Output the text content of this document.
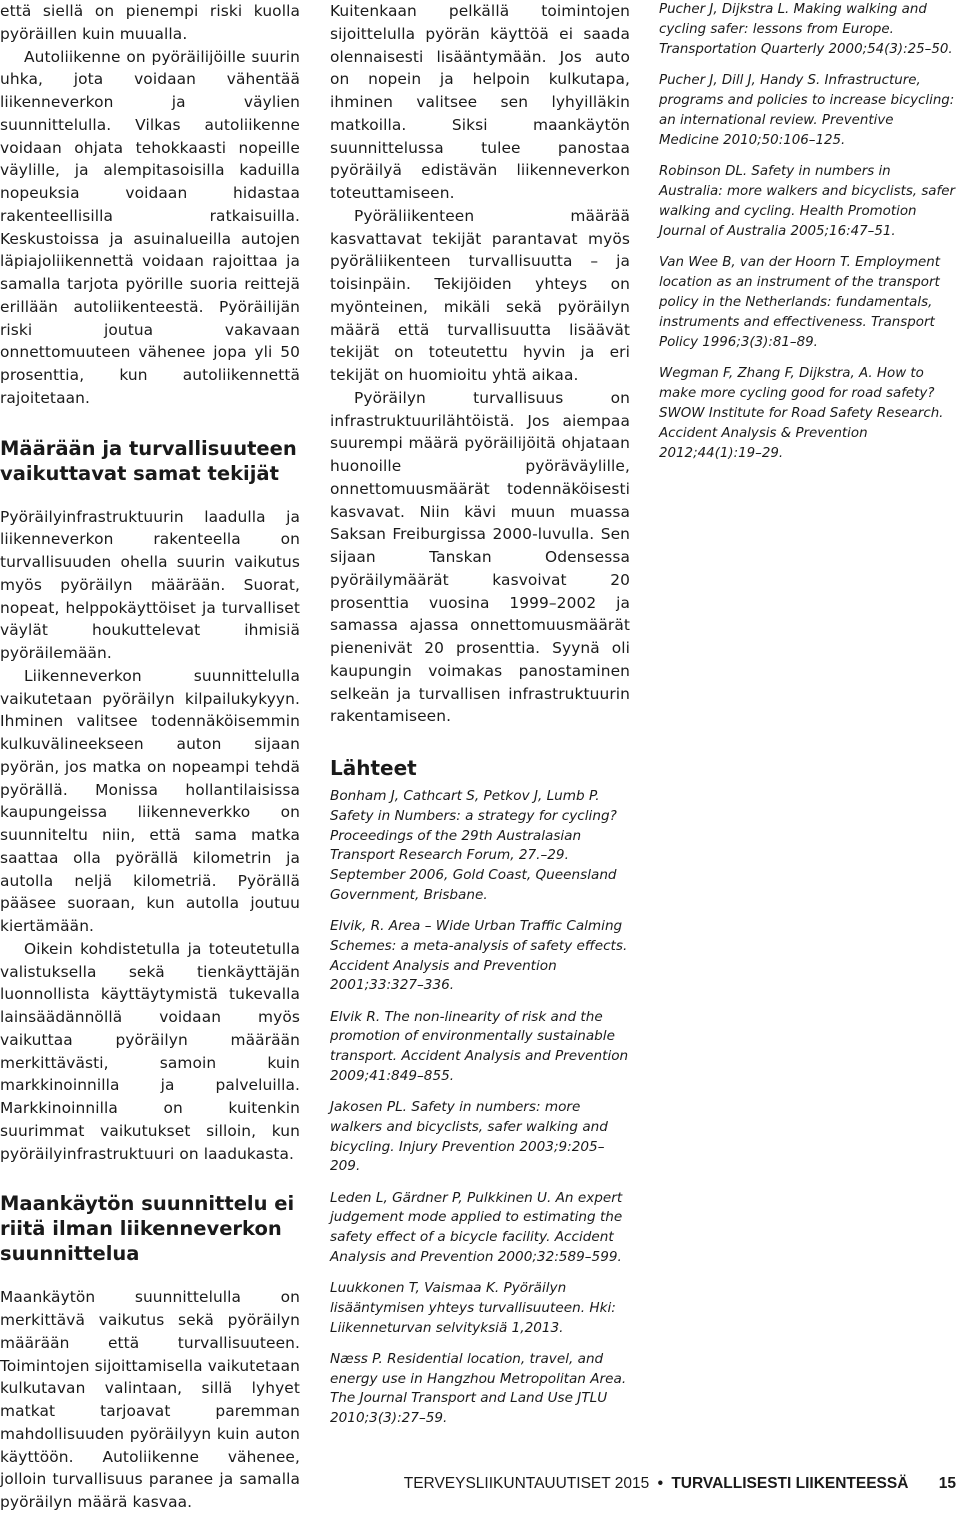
että siellä on pienempi riski kuolla pyöräillen kuin muualla.

Autoliikenne on pyöräilijöille suurin uhka, jota voidaan vähentää liikenneverkon ja väylien suunnittelulla. Vilkas autoliikenne voidaan ohjata tehokkaasti nopeille väylille, ja alempitasoisilla kaduilla nopeuksia voidaan hidastaa rakenteellisilla ratkaisuilla. Keskustoissa ja asuinalueilla autojen läpiajoliikennettä voidaan rajoittaa ja samalla tarjota pyörille suoria reittejä erillään autoliikenteestä. Pyöräilijän riski joutua vakavaan onnettomuuteen vähenee jopa yli 50 prosenttia, kun autoliikennettä rajoitetaan.

Määrään ja turvallisuuteen vaikuttavat samat tekijät

Pyöräilyinfrastruktuurin laadulla ja liikenneverkon rakenteella on turvallisuuden ohella suurin vaikutus myös pyöräilyn määrään. Suorat, nopeat, helppokäyttöiset ja turvalliset väylät houkuttelevat ihmisiä pyöräilemään.

Liikenneverkon suunnittelulla vaikutetaan pyöräilyn kilpailukykyyn. Ihminen valitsee todennäköisemmin kulkuvälineekseen auton sijaan pyörän, jos matka on nopeampi tehdä pyörällä. Monissa hollantilaisissa kaupungeissa liikenneverkko on suunniteltu niin, että sama matka saattaa olla pyörällä kilometrin ja autolla neljä kilometriä. Pyörällä pääsee suoraan, kun autolla joutuu kiertämään.

Oikein kohdistetulla ja toteutetulla valistuksella sekä tienkäyttäjän luonnollista käyttäytymistä tukevalla lainsäädännöllä voidaan myös vaikuttaa pyöräilyn määrään merkittävästi, samoin kuin markkinoinnilla ja palveluilla. Markkinoinnilla on kuitenkin suurimmat vaikutukset silloin, kun pyöräilyinfrastruktuuri on laadukasta.

Maankäytön suunnittelu ei riitä ilman liikenneverkon suunnittelua

Maankäytön suunnittelulla on merkittävä vaikutus sekä pyöräilyn määrään että turvallisuuteen. Toimintojen sijoittamisella vaikutetaan kulkutavan valintaan, sillä lyhyet matkat tarjoavat paremman mahdollisuuden pyöräilyyn kuin auton käyttöön. Autoliikenne vähenee, jolloin turvallisuus paranee ja samalla pyöräilyn määrä kasvaa.

Kuitenkaan pelkällä toimintojen sijoittelulla pyörän käyttöä ei saada olennaisesti lisääntymään. Jos auto on nopein ja helpoin kulkutapa, ihminen valitsee sen lyhyilläkin matkoilla. Siksi maankäytön suunnittelussa tulee panostaa pyöräilyä edistävän liikenneverkon toteuttamiseen.

Pyöräliikenteen määrää kasvattavat tekijät parantavat myös pyöräliikenteen turvallisuutta – ja toisinpäin. Tekijöiden yhteys on myönteinen, mikäli sekä pyöräilyn määrä että turvallisuutta lisäävät tekijät on toteutettu hyvin ja eri tekijät on huomioitu yhtä aikaa.

Pyöräilyn turvallisuus on infrastruktuurilähtöistä. Jos aiempaa suurempi määrä pyöräilijöitä ohjataan huonoille pyöräväylille, onnettomuusmäärät todennäköisesti kasvavat. Niin kävi muun muassa Saksan Freiburgissa 2000-luvulla. Sen sijaan Tanskan Odensessa pyöräilymäärät kasvoivat 20 prosenttia vuosina 1999–2002 ja samassa ajassa onnettomuusmäärät pienenivät 20 prosenttia. Syynä oli kaupungin voimakas panostaminen selkeän ja turvallisen infrastruktuurin rakentamiseen.

Lähteet
Bonham J, Cathcart S, Petkov J, Lumb P. Safety in Numbers: a strategy for cycling? Proceedings of the 29th Australasian Transport Research Forum, 27.–29. September 2006, Gold Coast, Queensland Government, Brisbane.
Elvik, R. Area – Wide Urban Traffic Calming Schemes: a meta-analysis of safety effects. Accident Analysis and Prevention 2001;33:327–336.
Elvik R. The non-linearity of risk and the promotion of environmentally sustainable transport. Accident Analysis and Prevention 2009;41:849–855.
Jakosen PL. Safety in numbers: more walkers and bicyclists, safer walking and bicycling. Injury Prevention 2003;9:205–209.
Leden L, Gärdner P, Pulkkinen U. An expert judgement mode applied to estimating the safety effect of a bicycle facility. Accident Analysis and Prevention 2000;32:589–599.
Luukkonen T, Vaismaa K. Pyöräilyn lisääntymisen yhteys turvallisuuteen. Hki: Liikenneturvan selvityksiä 1,2013.
Næss P. Residential location, travel, and energy use in Hangzhou Metropolitan Area. The Journal Transport and Land Use JTLU 2010;3(3):27–59.
Pucher J, Dijkstra L. Making walking and cycling safer: lessons from Europe. Transportation Quarterly 2000;54(3):25–50.
Pucher J, Dill J, Handy S. Infrastructure, programs and policies to increase bicycling: an international review. Preventive Medicine 2010;50:106–125.
Robinson DL. Safety in numbers in Australia: more walkers and bicyclists, safer walking and cycling. Health Promotion Journal of Australia 2005;16:47–51.
Van Wee B, van der Hoorn T. Employment location as an instrument of the transport policy in the Netherlands: fundamentals, instruments and effectiveness. Transport Policy 1996;3(3):81–89.
Wegman F, Zhang F, Dijkstra, A. How to make more cycling good for road safety? SWOW Institute for Road Safety Research. Accident Analysis & Prevention 2012;44(1):19–29.
TERVEYSLIIKUNTAUUTISET 2015 • TURVALLISESTI LIIKENTEESSÄ 15
